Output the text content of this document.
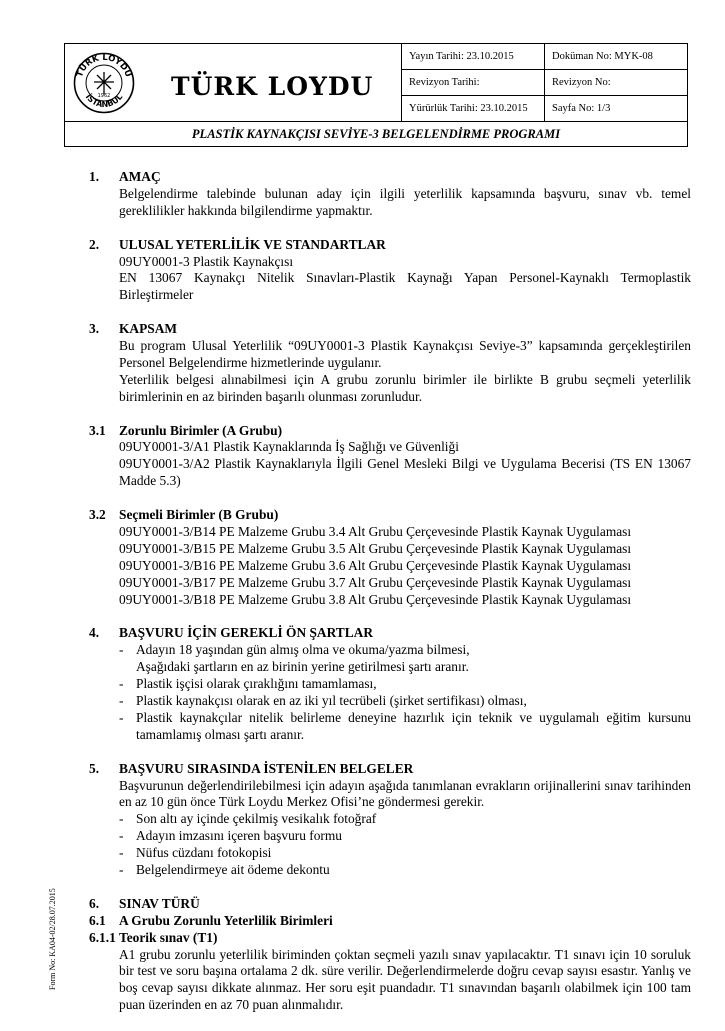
TÜRK LOYDU
İSTANBUL
1962 TÜRK LOYDU
Yayın Tarihi: 23.10.2015	Doküman No: MYK-08
Revizyon Tarihi:	Revizyon No:
Yürürlük Tarihi: 23.10.2015	Sayfa No: 1/3
PLASTİK KAYNAKÇISI SEVİYE-3 BELGELENDİRME PROGRAMI
1. AMAÇ
Belgelendirme talebinde bulunan aday için ilgili yeterlilik kapsamında başvuru, sınav vb. temel gereklilikler hakkında bilgilendirme yapmaktır.
2. ULUSAL YETERLİLİK VE STANDARTLAR
09UY0001-3 Plastik Kaynakçısı
EN 13067 Kaynakçı Nitelik Sınavları-Plastik Kaynağı Yapan Personel-Kaynaklı Termoplastik Birleştirmeler
3. KAPSAM
Bu program Ulusal Yeterlilik “09UY0001-3 Plastik Kaynakçısı Seviye-3” kapsamında gerçekleştirilen Personel Belgelendirme hizmetlerinde uygulanır.
Yeterlilik belgesi alınabilmesi için A grubu zorunlu birimler ile birlikte B grubu seçmeli yeterlilik birimlerinin en az birinden başarılı olunması zorunludur.
3.1 Zorunlu Birimler (A Grubu)
09UY0001-3/A1 Plastik Kaynaklarında İş Sağlığı ve Güvenliği
09UY0001-3/A2 Plastik Kaynaklarıyla İlgili Genel Mesleki Bilgi ve Uygulama Becerisi (TS EN 13067 Madde 5.3)
3.2 Seçmeli Birimler (B Grubu)
09UY0001-3/B14 PE Malzeme Grubu 3.4 Alt Grubu Çerçevesinde Plastik Kaynak Uygulaması
09UY0001-3/B15 PE Malzeme Grubu 3.5 Alt Grubu Çerçevesinde Plastik Kaynak Uygulaması
09UY0001-3/B16 PE Malzeme Grubu 3.6 Alt Grubu Çerçevesinde Plastik Kaynak Uygulaması
09UY0001-3/B17 PE Malzeme Grubu 3.7 Alt Grubu Çerçevesinde Plastik Kaynak Uygulaması
09UY0001-3/B18 PE Malzeme Grubu 3.8 Alt Grubu Çerçevesinde Plastik Kaynak Uygulaması
4. BAŞVURU İÇİN GEREKLİ ÖN ŞARTLAR
- Adayın 18 yaşından gün almış olma ve okuma/yazma bilmesi,
Aşağıdaki şartların en az birinin yerine getirilmesi şartı aranır.
- Plastik işçisi olarak çıraklığını tamamlaması,
- Plastik kaynakçısı olarak en az iki yıl tecrübeli (şirket sertifikası) olması,
- Plastik kaynakçılar nitelik belirleme deneyine hazırlık için teknik ve uygulamalı eğitim kursunu tamamlamış olması şartı aranır.
5. BAŞVURU SIRASINDA İSTENİLEN BELGELER
Başvurunun değerlendirilebilmesi için adayın aşağıda tanımlanan evrakların orijinallerini sınav tarihinden en az 10 gün önce Türk Loydu Merkez Ofisi’ne göndermesi gerekir.
- Son altı ay içinde çekilmiş vesikalık fotoğraf
- Adayın imzasını içeren başvuru formu
- Nüfus cüzdanı fotokopisi
- Belgelendirmeye ait ödeme dekontu
6. SINAV TÜRÜ
6.1 A Grubu Zorunlu Yeterlilik Birimleri
6.1.1 Teorik sınav (T1)
A1 grubu zorunlu yeterlilik biriminden çoktan seçmeli yazılı sınav yapılacaktır. T1 sınavı için 10 soruluk bir test ve soru başına ortalama 2 dk. süre verilir. Değerlendirmelerde doğru cevap sayısı esastır. Yanlış ve boş cevap sayısı dikkate alınmaz. Her soru eşit puandadır. T1 sınavından başarılı olabilmek için 100 tam puan üzerinden en az 70 puan alınmalıdır.
Form No: KA04-02/28.07.2015
